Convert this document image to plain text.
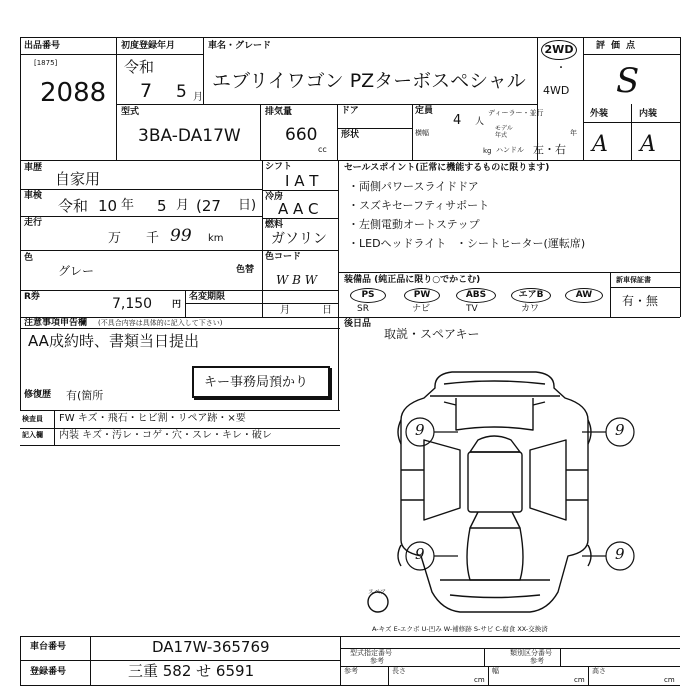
出品番号
[1875]
2088
初度登録年月
令和
7 5 月
車名・グレード
エブリイワゴン PZターボスペシャル
2WD
・
4WD
評価点
S
外装	内装
A A
型式
3BA-DA17W
排気量
660
cc
ドア
形状
定員
4 人
ディーラー・並行
横幅
モデル
年式	年
kg ハンドル 左・右
車歴
自家用
車検
令和 10 年 5 月 (27 日)
走行
万 千 99 km
シフト
I A T
冷房
A A C
燃料
ガソリン
色
グレー	色替
色コード
W B W
R券	7,150 円
名変期限
月	日
注意事項申告欄 (不具合内容は具体的に記入して下さい)
AA成約時、書類当日提出
修復歴 有(箇所
キー事務局預かり
検査員
記入欄
FW キズ・飛石・ヒビ割・リペア跡・×要
内装 キズ・汚レ・コゲ・穴・スレ・キレ・破レ
セールスポイント(正常に機能するものに限ります)
・両側パワースライドドア
・スズキセーフティサポート
・左側電動オートステップ
・LEDヘッドライト ・シートヒーター(運転席)
装備品 (純正品に限り○でかこむ)
PS	PW	ABS	エアB	AW
SR	ナビ	TV	カワ
新車保証書
有・無
後日品
取説・スペアキー
9	9
9	9
スペア
A-キズ E-エクボ U-凹み W-補修跡 S-サビ C-腐食 XX-交換済
車台番号	DA17W-365769
登録番号	三重 582 せ 6591
型式指定番号
参考
類別区分番号
参考
参考	長さ
cm
幅
cm
高さ
cm
